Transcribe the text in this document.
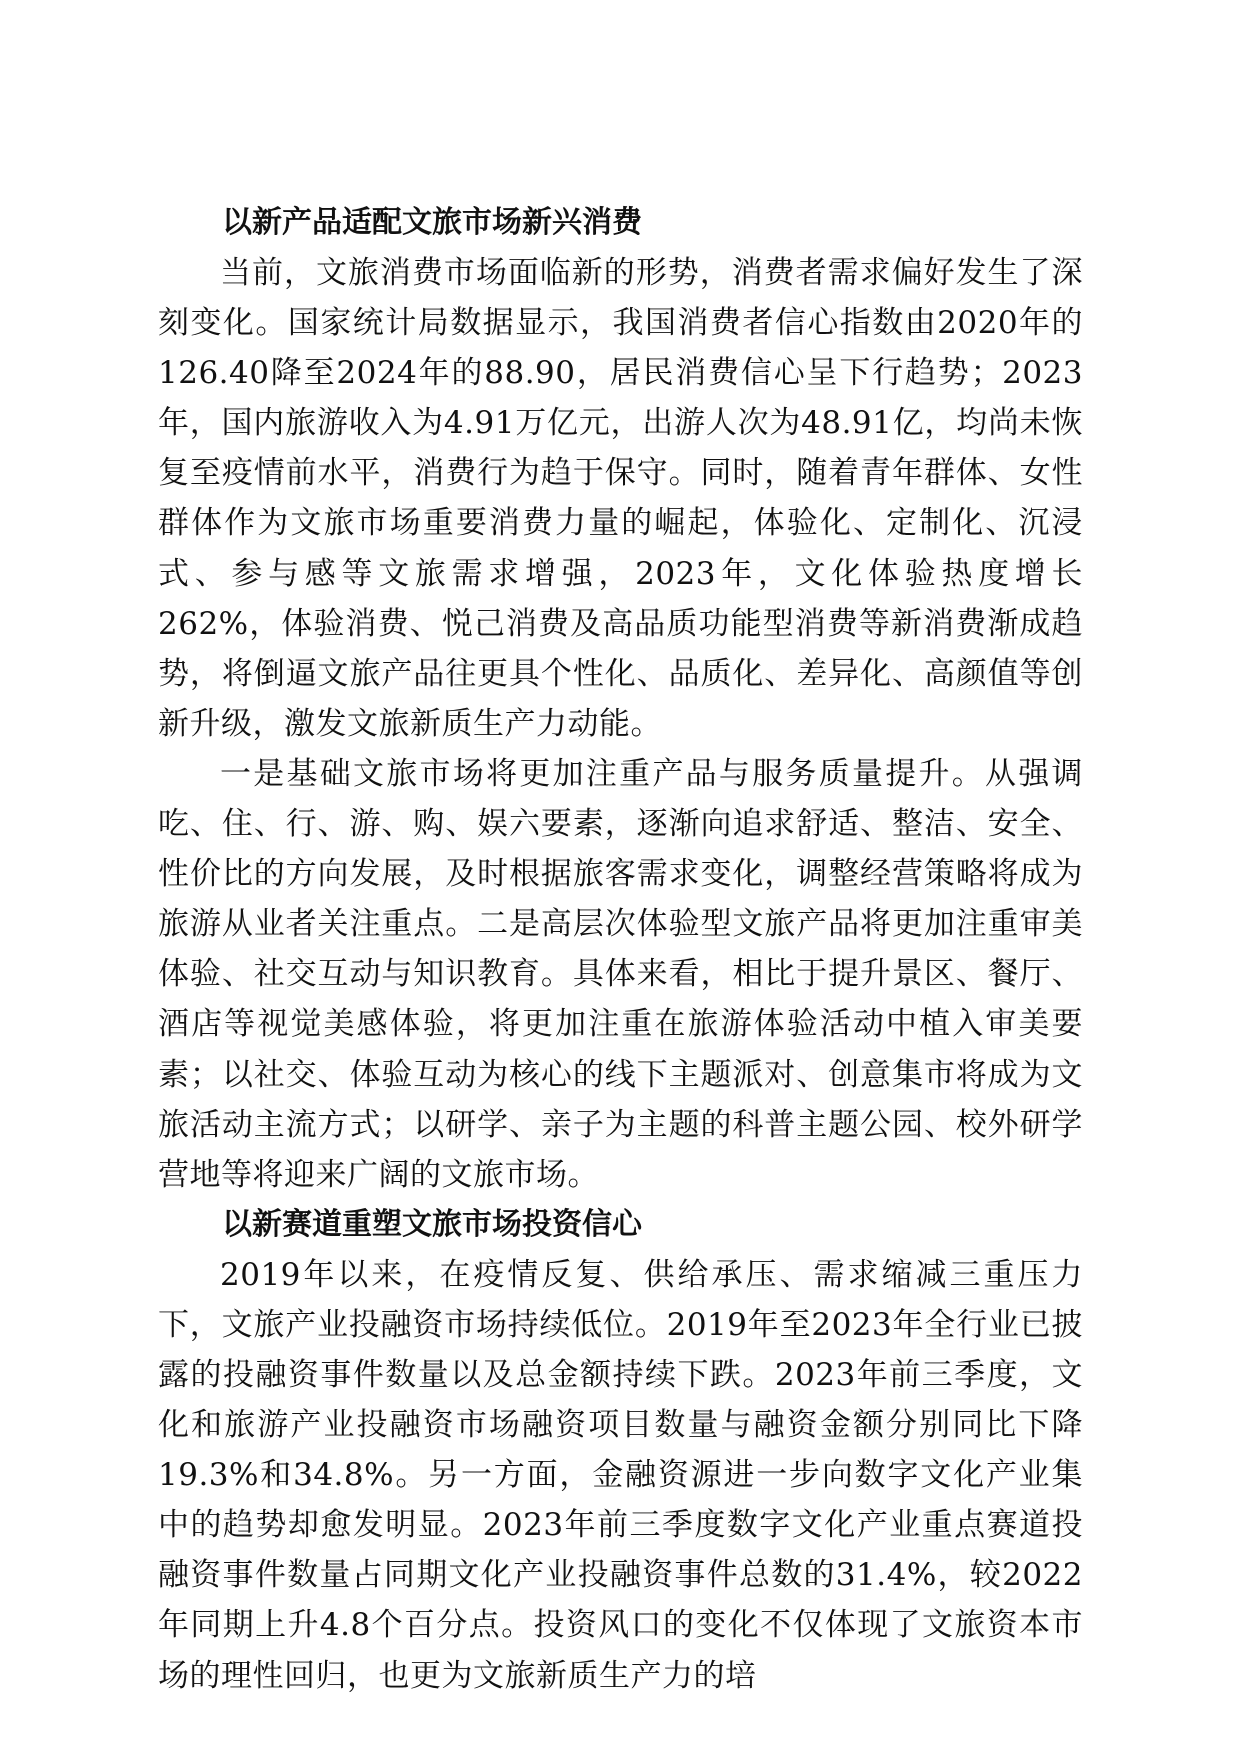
以新产品适配文旅市场新兴消费

当前，文旅消费市场面临新的形势，消费者需求偏好发生了深刻变化。国家统计局数据显示，我国消费者信心指数由2020年的126.40降至2024年的88.90，居民消费信心呈下行趋势；2023年，国内旅游收入为4.91万亿元，出游人次为48.91亿，均尚未恢复至疫情前水平，消费行为趋于保守。同时，随着青年群体、女性群体作为文旅市场重要消费力量的崛起，体验化、定制化、沉浸式、参与感等文旅需求增强，2023年，文化体验热度增长262%，体验消费、悦己消费及高品质功能型消费等新消费渐成趋势，将倒逼文旅产品往更具个性化、品质化、差异化、高颜值等创新升级，激发文旅新质生产力动能。

一是基础文旅市场将更加注重产品与服务质量提升。从强调吃、住、行、游、购、娱六要素，逐渐向追求舒适、整洁、安全、性价比的方向发展，及时根据旅客需求变化，调整经营策略将成为旅游从业者关注重点。二是高层次体验型文旅产品将更加注重审美体验、社交互动与知识教育。具体来看，相比于提升景区、餐厅、酒店等视觉美感体验，将更加注重在旅游体验活动中植入审美要素；以社交、体验互动为核心的线下主题派对、创意集市将成为文旅活动主流方式；以研学、亲子为主题的科普主题公园、校外研学营地等将迎来广阔的文旅市场。

以新赛道重塑文旅市场投资信心

2019年以来，在疫情反复、供给承压、需求缩减三重压力下，文旅产业投融资市场持续低位。2019年至2023年全行业已披露的投融资事件数量以及总金额持续下跌。2023年前三季度，文化和旅游产业投融资市场融资项目数量与融资金额分别同比下降19.3%和34.8%。另一方面，金融资源进一步向数字文化产业集中的趋势却愈发明显。2023年前三季度数字文化产业重点赛道投融资事件数量占同期文化产业投融资事件总数的31.4%，较2022年同期上升4.8个百分点。投资风口的变化不仅体现了文旅资本市场的理性回归，也更为文旅新质生产力的培
